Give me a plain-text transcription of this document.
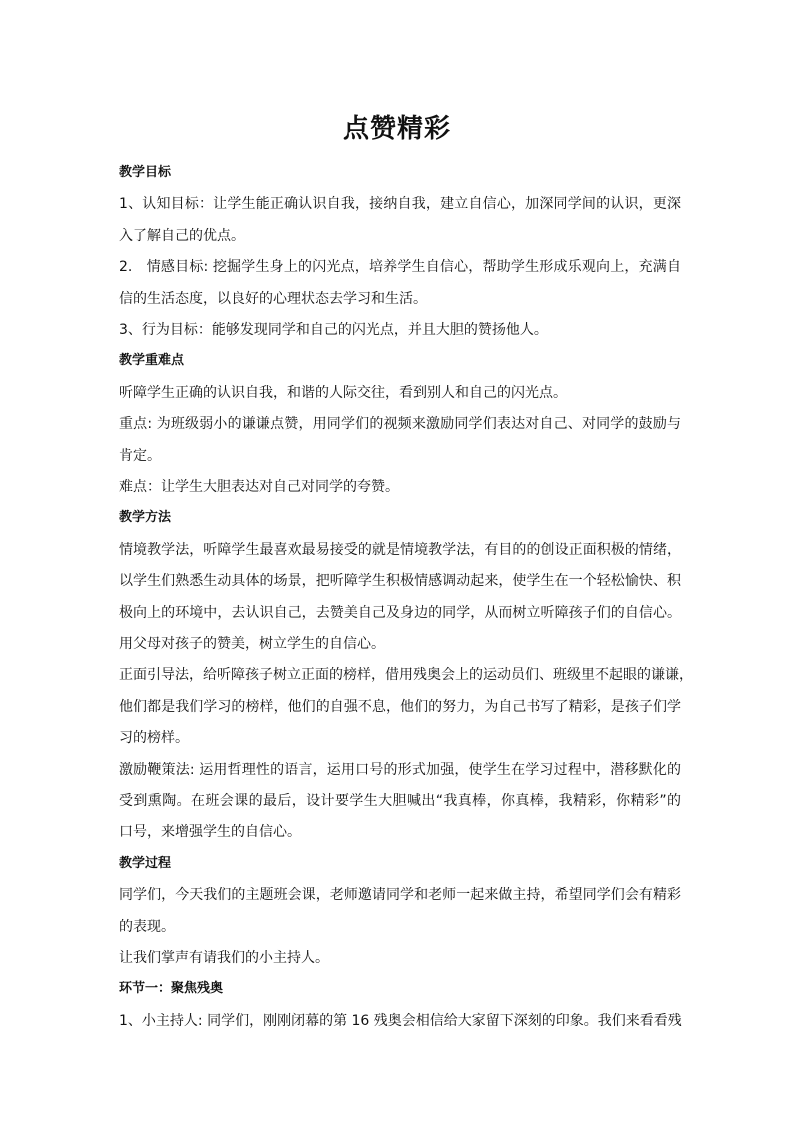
点赞精彩
教学目标
1、认知目标：让学生能正确认识自我，接纳自我，建立自信心，加深同学间的认识，更深
入了解自己的优点。
2.　情感目标: 挖掘学生身上的闪光点，培养学生自信心，帮助学生形成乐观向上，充满自
信的生活态度，以良好的心理状态去学习和生活。
3、行为目标：能够发现同学和自己的闪光点，并且大胆的赞扬他人。
教学重难点
听障学生正确的认识自我，和谐的人际交往，看到别人和自己的闪光点。
重点: 为班级弱小的谦谦点赞，用同学们的视频来激励同学们表达对自己、对同学的鼓励与
肯定。
难点：让学生大胆表达对自己对同学的夸赞。
教学方法
情境教学法，听障学生最喜欢最易接受的就是情境教学法，有目的的创设正面积极的情绪，
以学生们熟悉生动具体的场景，把听障学生积极情感调动起来，使学生在一个轻松愉快、积
极向上的环境中，去认识自己，去赞美自己及身边的同学，从而树立听障孩子们的自信心。
用父母对孩子的赞美，树立学生的自信心。
正面引导法，给听障孩子树立正面的榜样，借用残奥会上的运动员们、班级里不起眼的谦谦，
他们都是我们学习的榜样，他们的自强不息，他们的努力，为自己书写了精彩，是孩子们学
习的榜样。
激励鞭策法: 运用哲理性的语言，运用口号的形式加强，使学生在学习过程中，潜移默化的
受到熏陶。在班会课的最后，设计要学生大胆喊出“我真棒，你真棒，我精彩，你精彩”的
口号，来增强学生的自信心。
教学过程
同学们，今天我们的主题班会课，老师邀请同学和老师一起来做主持，希望同学们会有精彩
的表现。
让我们掌声有请我们的小主持人。
环节一：聚焦残奥
1、小主持人: 同学们，刚刚闭幕的第 16 残奥会相信给大家留下深刻的印象。我们来看看残
